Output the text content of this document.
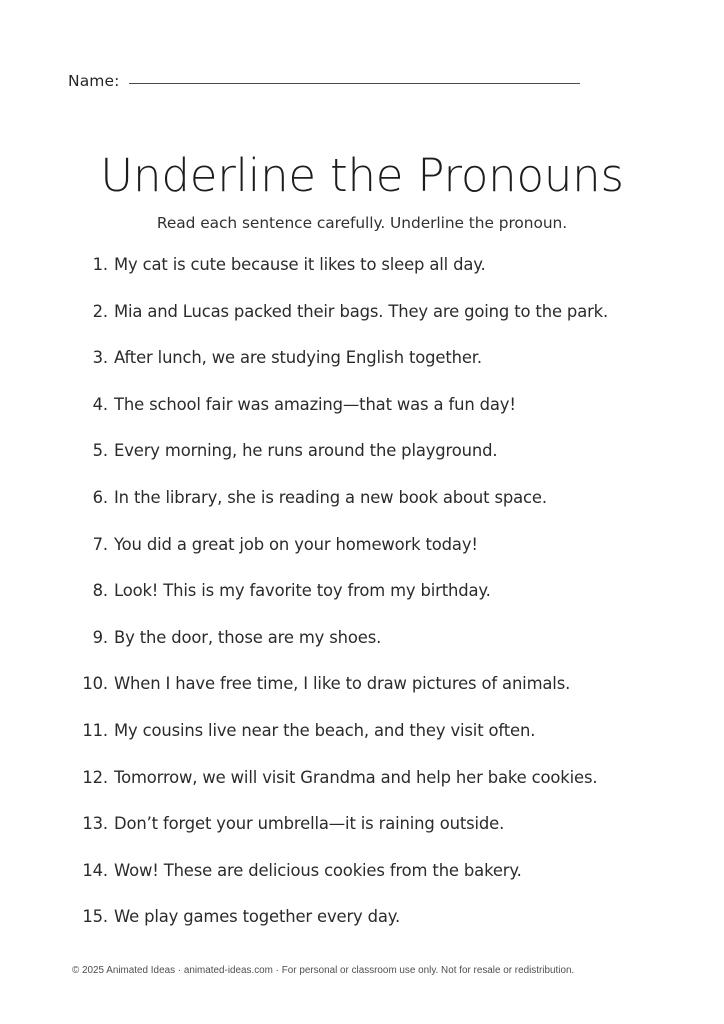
Name:
Underline the Pronouns

Read each sentence carefully. Underline the pronoun.

1. My cat is cute because it likes to sleep all day.
2. Mia and Lucas packed their bags. They are going to the park.
3. After lunch, we are studying English together.
4. The school fair was amazing—that was a fun day!
5. Every morning, he runs around the playground.
6. In the library, she is reading a new book about space.
7. You did a great job on your homework today!
8. Look! This is my favorite toy from my birthday.
9. By the door, those are my shoes.
10. When I have free time, I like to draw pictures of animals.
11. My cousins live near the beach, and they visit often.
12. Tomorrow, we will visit Grandma and help her bake cookies.
13. Don’t forget your umbrella—it is raining outside.
14. Wow! These are delicious cookies from the bakery.
15. We play games together every day.
© 2025 Animated Ideas · animated-ideas.com · For personal or classroom use only. Not for resale or redistribution.
